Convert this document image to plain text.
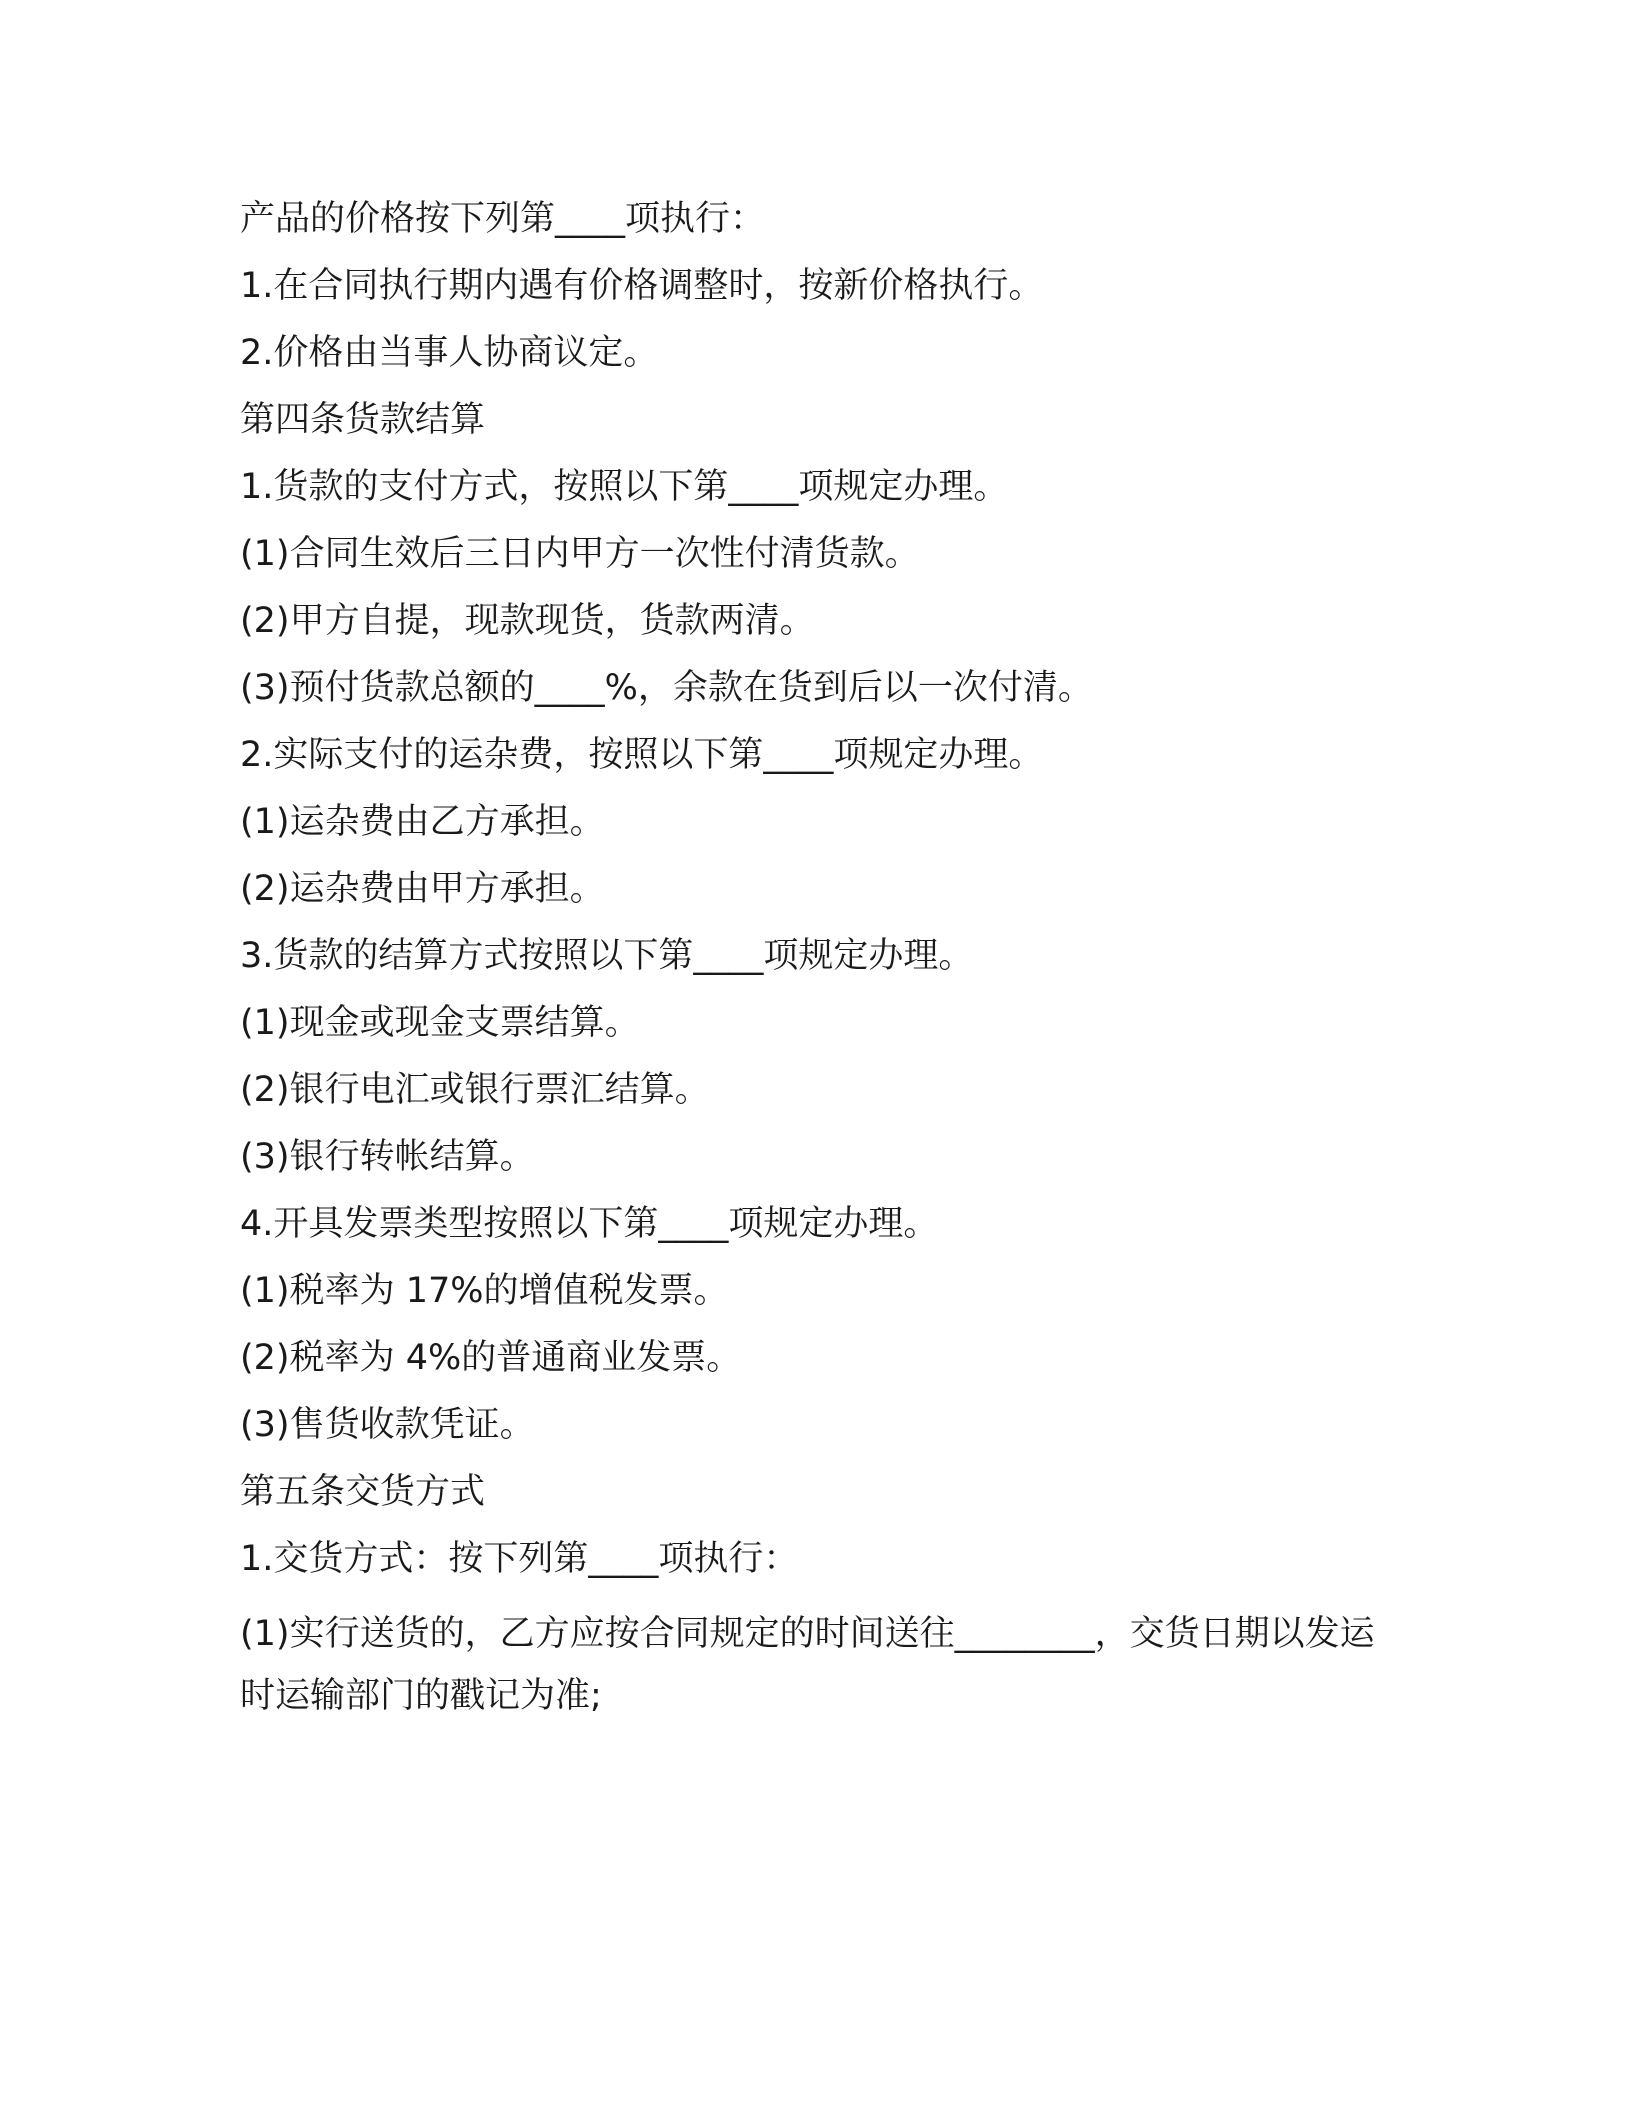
产品的价格按下列第____项执行：
1.在合同执行期内遇有价格调整时，按新价格执行。
2.价格由当事人协商议定。
第四条货款结算
1.货款的支付方式，按照以下第____项规定办理。
(1)合同生效后三日内甲方一次性付清货款。
(2)甲方自提，现款现货，货款两清。
(3)预付货款总额的____%，余款在货到后以一次付清。
2.实际支付的运杂费，按照以下第____项规定办理。
(1)运杂费由乙方承担。
(2)运杂费由甲方承担。
3.货款的结算方式按照以下第____项规定办理。
(1)现金或现金支票结算。
(2)银行电汇或银行票汇结算。
(3)银行转帐结算。
4.开具发票类型按照以下第____项规定办理。
(1)税率为 17%的增值税发票。
(2)税率为 4%的普通商业发票。
(3)售货收款凭证。
第五条交货方式
1.交货方式：按下列第____项执行：
(1)实行送货的，乙方应按合同规定的时间送往________，交货日期以发运时运输部门的戳记为准;
